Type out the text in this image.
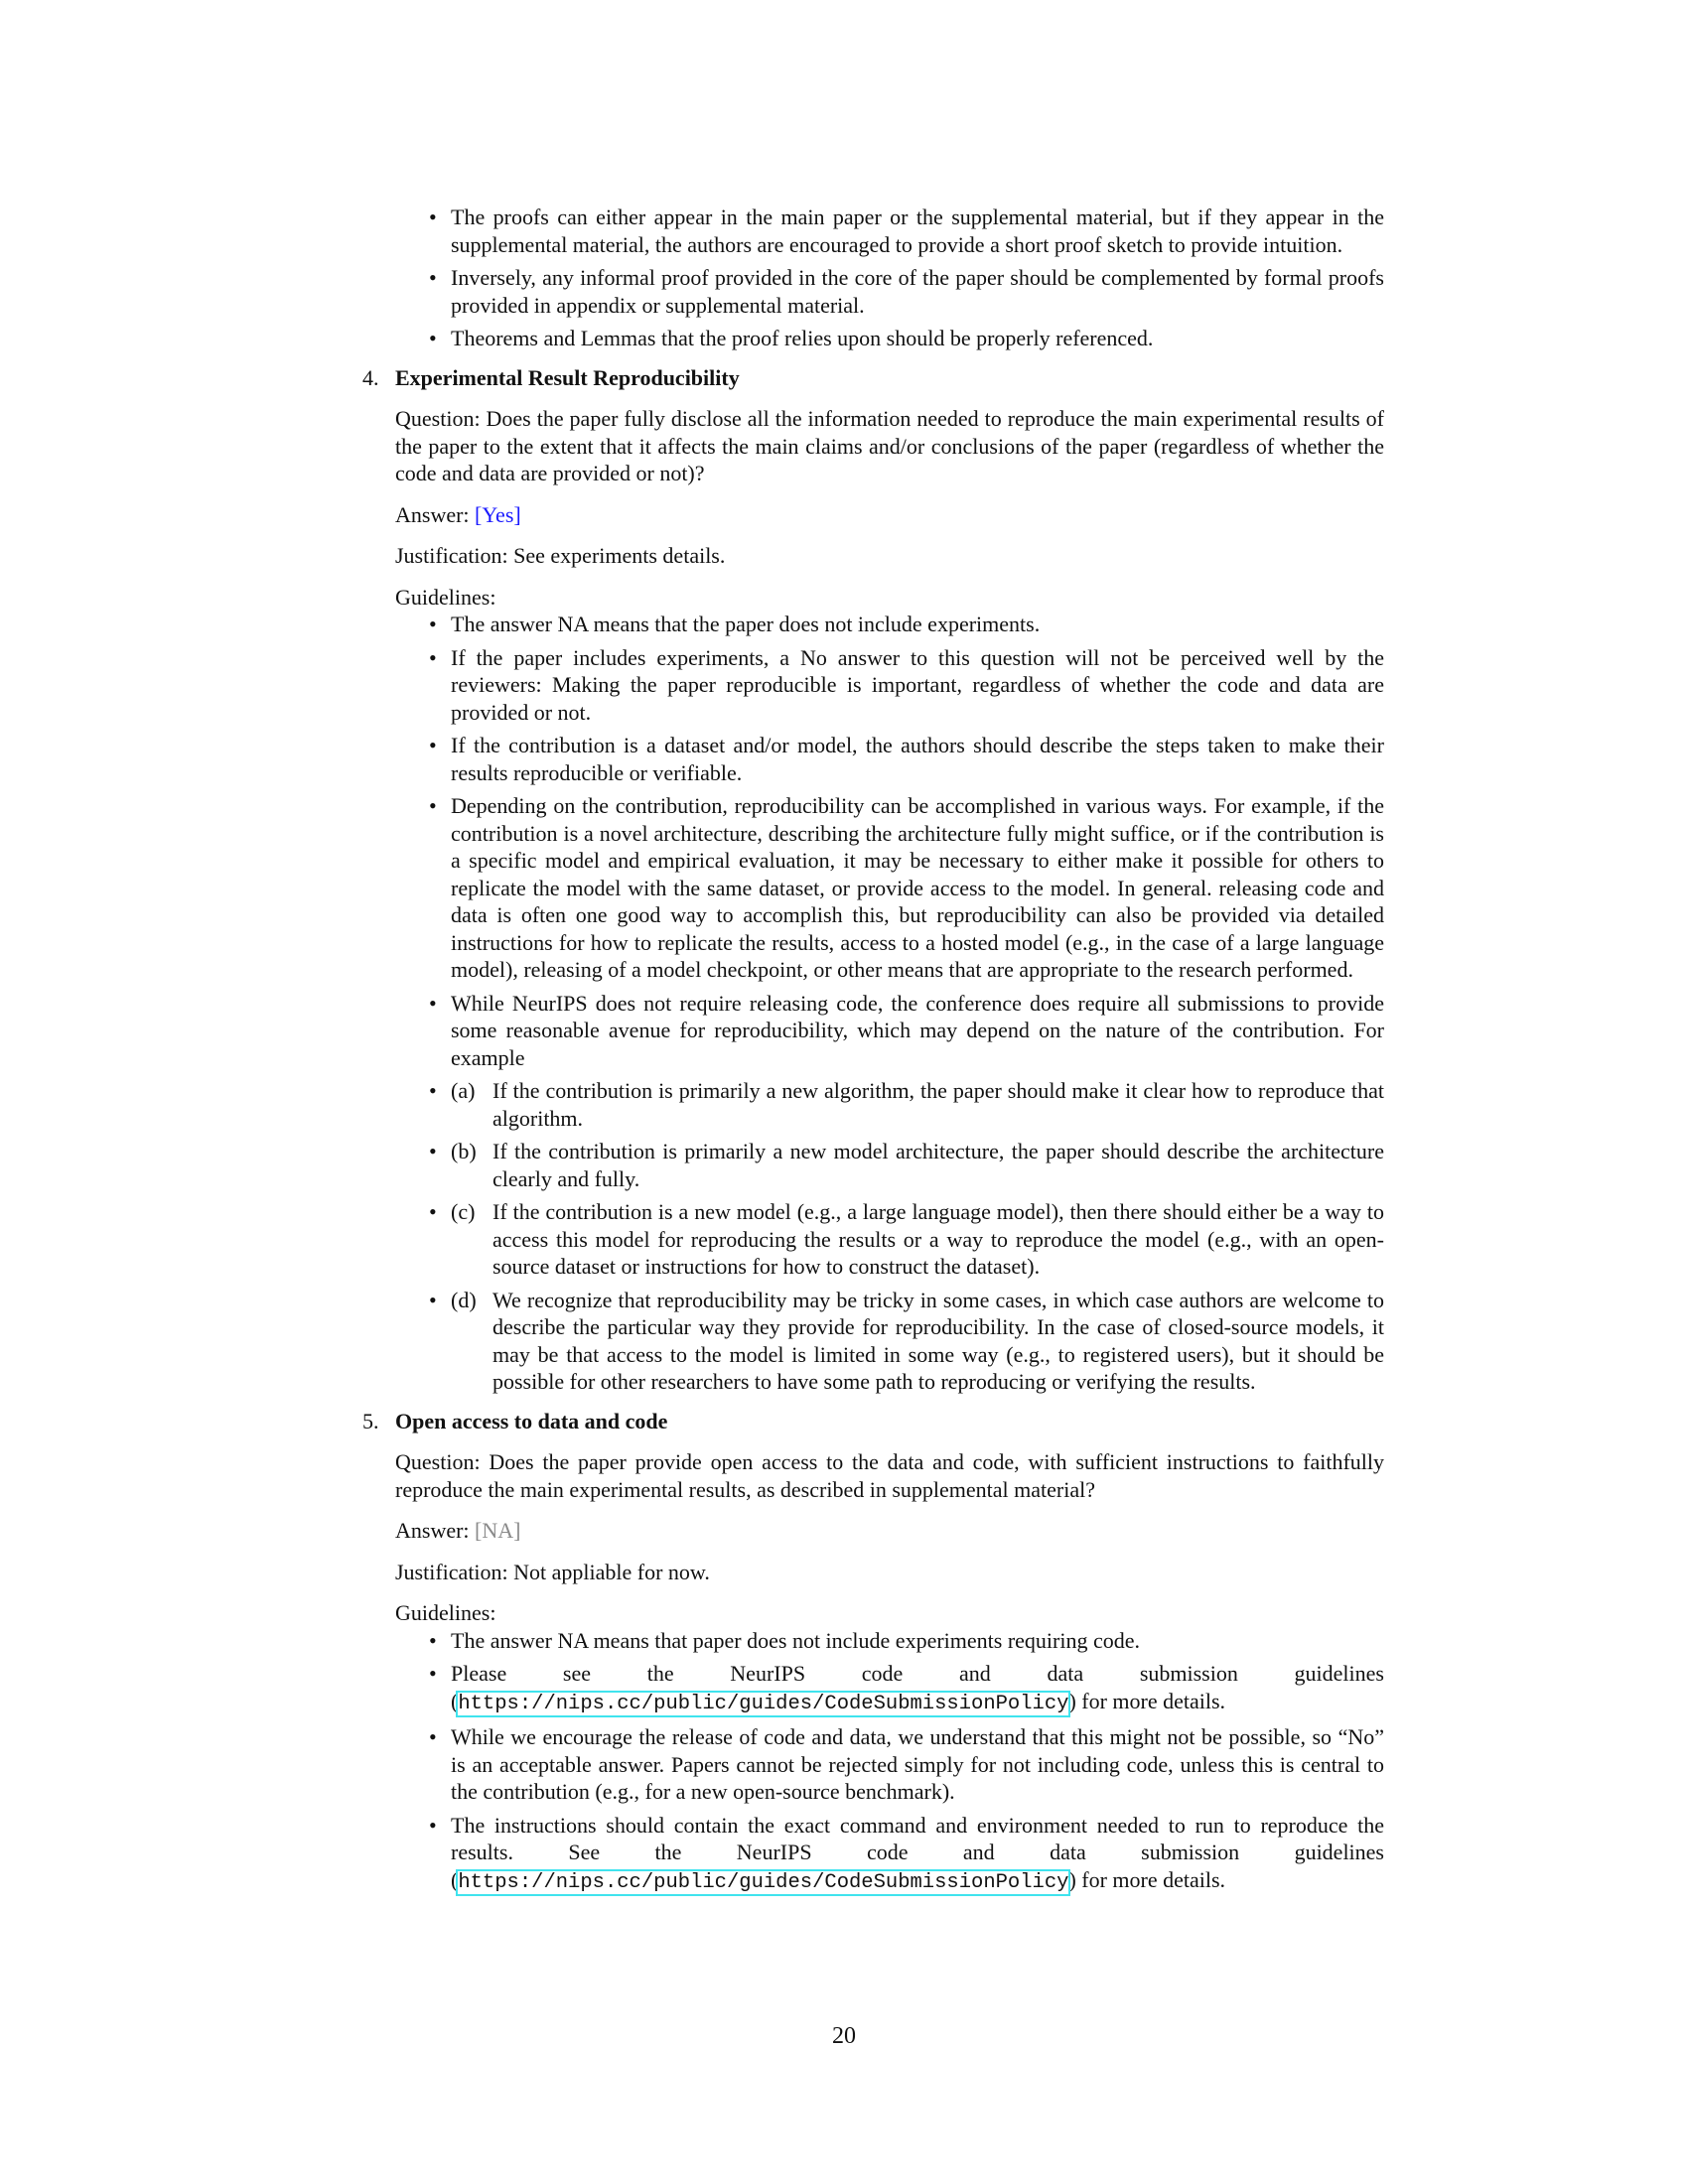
• The proofs can either appear in the main paper or the supplemental material, but if they appear in the supplemental material, the authors are encouraged to provide a short proof sketch to provide intuition.
• Inversely, any informal proof provided in the core of the paper should be complemented by formal proofs provided in appendix or supplemental material.
• Theorems and Lemmas that the proof relies upon should be properly referenced.

4. Experimental Result Reproducibility

Question: Does the paper fully disclose all the information needed to reproduce the main experimental results of the paper to the extent that it affects the main claims and/or conclusions of the paper (regardless of whether the code and data are provided or not)?

Answer: [Yes]

Justification: See experiments details.

Guidelines:

• The answer NA means that the paper does not include experiments.
• If the paper includes experiments, a No answer to this question will not be perceived well by the reviewers: Making the paper reproducible is important, regardless of whether the code and data are provided or not.
• If the contribution is a dataset and/or model, the authors should describe the steps taken to make their results reproducible or verifiable.
• Depending on the contribution, reproducibility can be accomplished in various ways. For example, if the contribution is a novel architecture, describing the architecture fully might suffice, or if the contribution is a specific model and empirical evaluation, it may be necessary to either make it possible for others to replicate the model with the same dataset, or provide access to the model. In general. releasing code and data is often one good way to accomplish this, but reproducibility can also be provided via detailed instructions for how to replicate the results, access to a hosted model (e.g., in the case of a large language model), releasing of a model checkpoint, or other means that are appropriate to the research performed.
• While NeurIPS does not require releasing code, the conference does require all submissions to provide some reasonable avenue for reproducibility, which may depend on the nature of the contribution. For example
• (a) If the contribution is primarily a new algorithm, the paper should make it clear how to reproduce that algorithm.
• (b) If the contribution is primarily a new model architecture, the paper should describe the architecture clearly and fully.
• (c) If the contribution is a new model (e.g., a large language model), then there should either be a way to access this model for reproducing the results or a way to reproduce the model (e.g., with an open-source dataset or instructions for how to construct the dataset).
• (d) We recognize that reproducibility may be tricky in some cases, in which case authors are welcome to describe the particular way they provide for reproducibility. In the case of closed-source models, it may be that access to the model is limited in some way (e.g., to registered users), but it should be possible for other researchers to have some path to reproducing or verifying the results.

5. Open access to data and code

Question: Does the paper provide open access to the data and code, with sufficient instructions to faithfully reproduce the main experimental results, as described in supplemental material?

Answer: [NA]

Justification: Not appliable for now.

Guidelines:

• The answer NA means that paper does not include experiments requiring code.
• Please see the NeurIPS code and data submission guidelines (https://nips.cc/public/guides/CodeSubmissionPolicy) for more details.
• While we encourage the release of code and data, we understand that this might not be possible, so “No” is an acceptable answer. Papers cannot be rejected simply for not including code, unless this is central to the contribution (e.g., for a new open-source benchmark).
• The instructions should contain the exact command and environment needed to run to reproduce the results. See the NeurIPS code and data submission guidelines (https://nips.cc/public/guides/CodeSubmissionPolicy) for more details.
20
